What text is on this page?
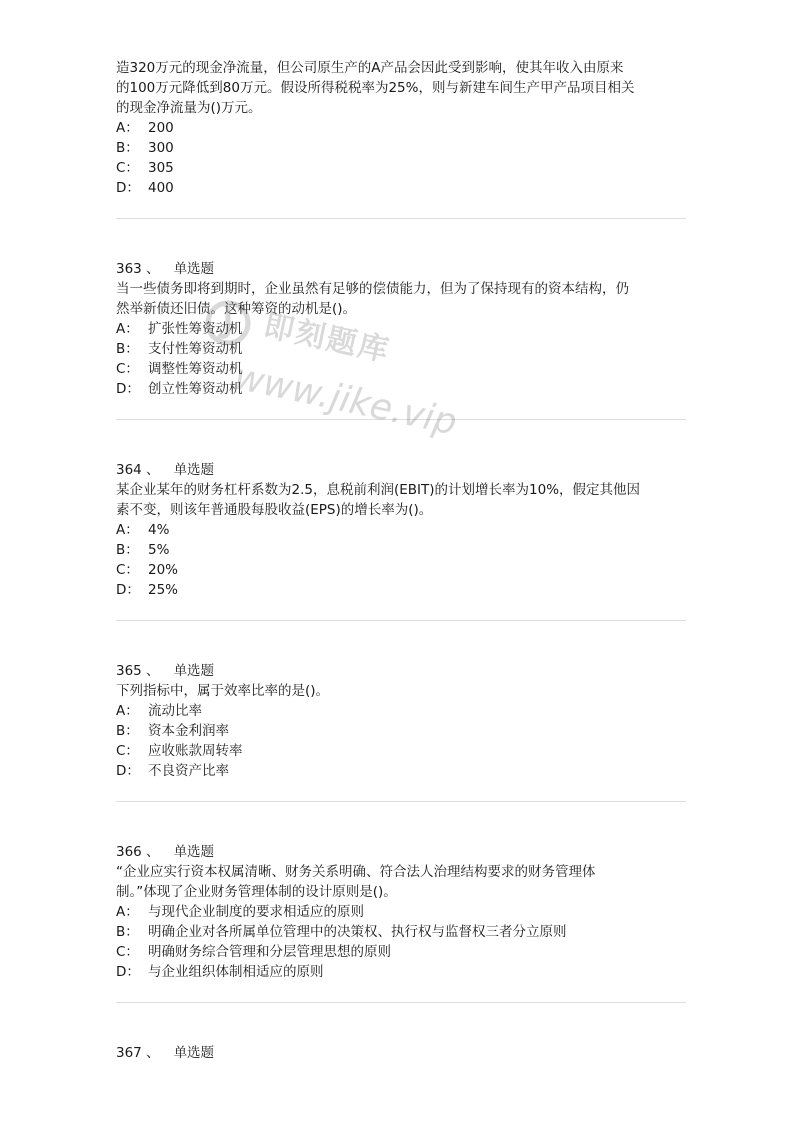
造320万元的现金净流量，但公司原生产的A产品会因此受到影响，使其年收入由原来
的100万元降低到80万元。假设所得税税率为25%，则与新建车间生产甲产品项目相关
的现金净流量为()万元。

A： 200
B： 300
C： 305
D： 400

363 、 单选题

当一些债务即将到期时，企业虽然有足够的偿债能力，但为了保持现有的资本结构，仍
然举新债还旧债。这种筹资的动机是()。

A： 扩张性筹资动机
B： 支付性筹资动机
C： 调整性筹资动机
D： 创立性筹资动机

364 、 单选题

某企业某年的财务杠杆系数为2.5，息税前利润(EBIT)的计划增长率为10%，假定其他因
素不变，则该年普通股每股收益(EPS)的增长率为()。

A： 4%
B： 5%
C： 20%
D： 25%

365 、 单选题

下列指标中，属于效率比率的是()。

A： 流动比率
B： 资本金利润率
C： 应收账款周转率
D： 不良资产比率

366 、 单选题

“企业应实行资本权属清晰、财务关系明确、符合法人治理结构要求的财务管理体
制。”体现了企业财务管理体制的设计原则是()。

A： 与现代企业制度的要求相适应的原则
B： 明确企业对各所属单位管理中的决策权、执行权与监督权三者分立原则
C： 明确财务综合管理和分层管理思想的原则
D： 与企业组织体制相适应的原则

367 、 单选题

即刻题库
www.jike.vip
